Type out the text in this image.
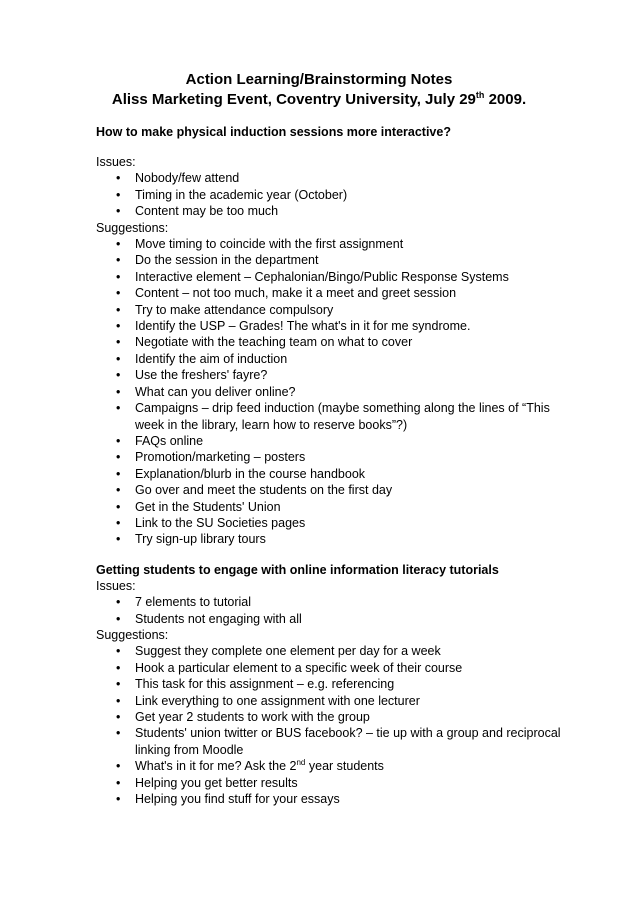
Action Learning/Brainstorming Notes
Aliss Marketing Event, Coventry University, July 29th 2009.

How to make physical induction sessions more interactive?

Issues:

• Nobody/few attend
• Timing in the academic year (October)
• Content may be too much

Suggestions:

• Move timing to coincide with the first assignment
• Do the session in the department
• Interactive element – Cephalonian/Bingo/Public Response Systems
• Content – not too much, make it a meet and greet session
• Try to make attendance compulsory
• Identify the USP – Grades! The what's in it for me syndrome.
• Negotiate with the teaching team on what to cover
• Identify the aim of induction
• Use the freshers' fayre?
• What can you deliver online?
• Campaigns – drip feed induction (maybe something along the lines of “This week in the library, learn how to reserve books”?)
• FAQs online
• Promotion/marketing – posters
• Explanation/blurb in the course handbook
• Go over and meet the students on the first day
• Get in the Students' Union
• Link to the SU Societies pages
• Try sign-up library tours

Getting students to engage with online information literacy tutorials

Issues:

• 7 elements to tutorial
• Students not engaging with all

Suggestions:

• Suggest they complete one element per day for a week
• Hook a particular element to a specific week of their course
• This task for this assignment – e.g. referencing
• Link everything to one assignment with one lecturer
• Get year 2 students to work with the group
• Students' union twitter or BUS facebook? – tie up with a group and reciprocal linking from Moodle
• What's in it for me? Ask the 2nd year students
• Helping you get better results
• Helping you find stuff for your essays
